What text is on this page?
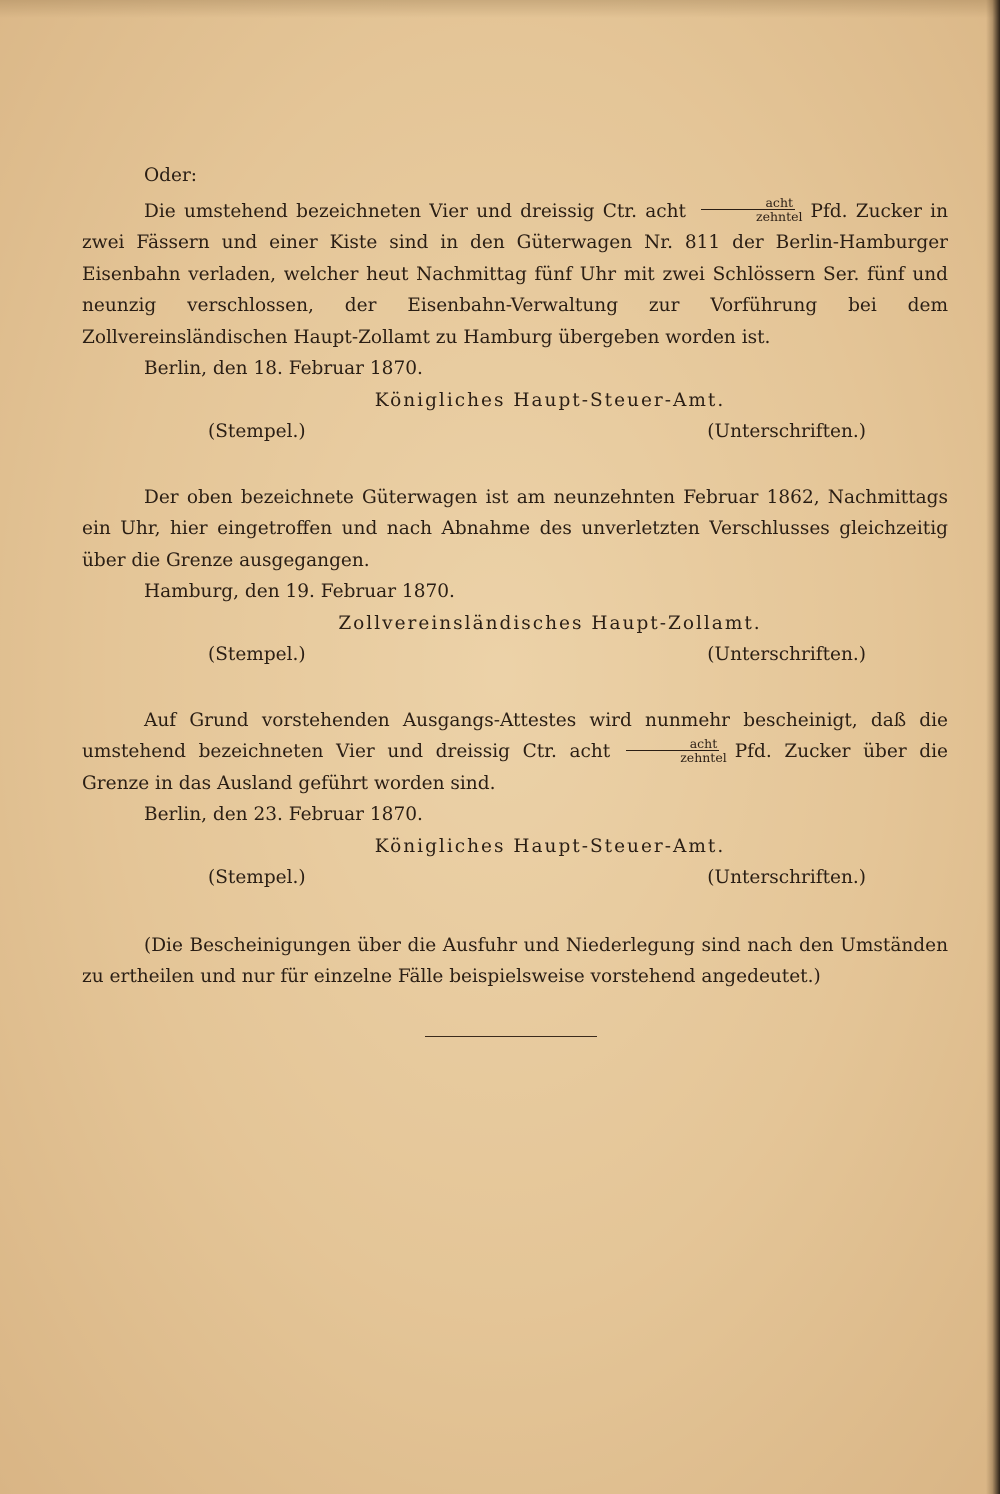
Oder:

Die umstehend bezeichneten Vier und dreissig Ctr. acht $\frac{\text{acht}}{\text{zehntel}}$ Pfd. Zucker in zwei Fässern und einer Kiste sind in den Güterwagen Nr. 811 der Berlin-Hamburger Eisenbahn verladen, welcher heut Nachmittag fünf Uhr mit zwei Schlössern Ser. fünf und neunzig verschlossen, der Eisenbahn-Verwaltung zur Vorführung bei dem Zollvereinsländischen Haupt-Zollamt zu Hamburg übergeben worden ist.

Berlin, den 18. Februar 1870.

Königliches Haupt-Steuer-Amt.

(Stempel.)	(Unterschriften.)

Der oben bezeichnete Güterwagen ist am neunzehnten Februar 1862, Nachmittags ein Uhr, hier eingetroffen und nach Abnahme des unverletzten Verschlusses gleichzeitig über die Grenze ausgegangen.

Hamburg, den 19. Februar 1870.

Zollvereinsländisches Haupt-Zollamt.

(Stempel.)	(Unterschriften.)

Auf Grund vorstehenden Ausgangs-Attestes wird nunmehr bescheinigt, daß die umstehend bezeichneten Vier und dreissig Ctr. acht $\frac{\text{acht}}{\text{zehntel}}$ Pfd. Zucker über die Grenze in das Ausland geführt worden sind.

Berlin, den 23. Februar 1870.

Königliches Haupt-Steuer-Amt.

(Stempel.)	(Unterschriften.)

(Die Bescheinigungen über die Ausfuhr und Niederlegung sind nach den Umständen zu ertheilen und nur für einzelne Fälle beispielsweise vorstehend angedeutet.)
